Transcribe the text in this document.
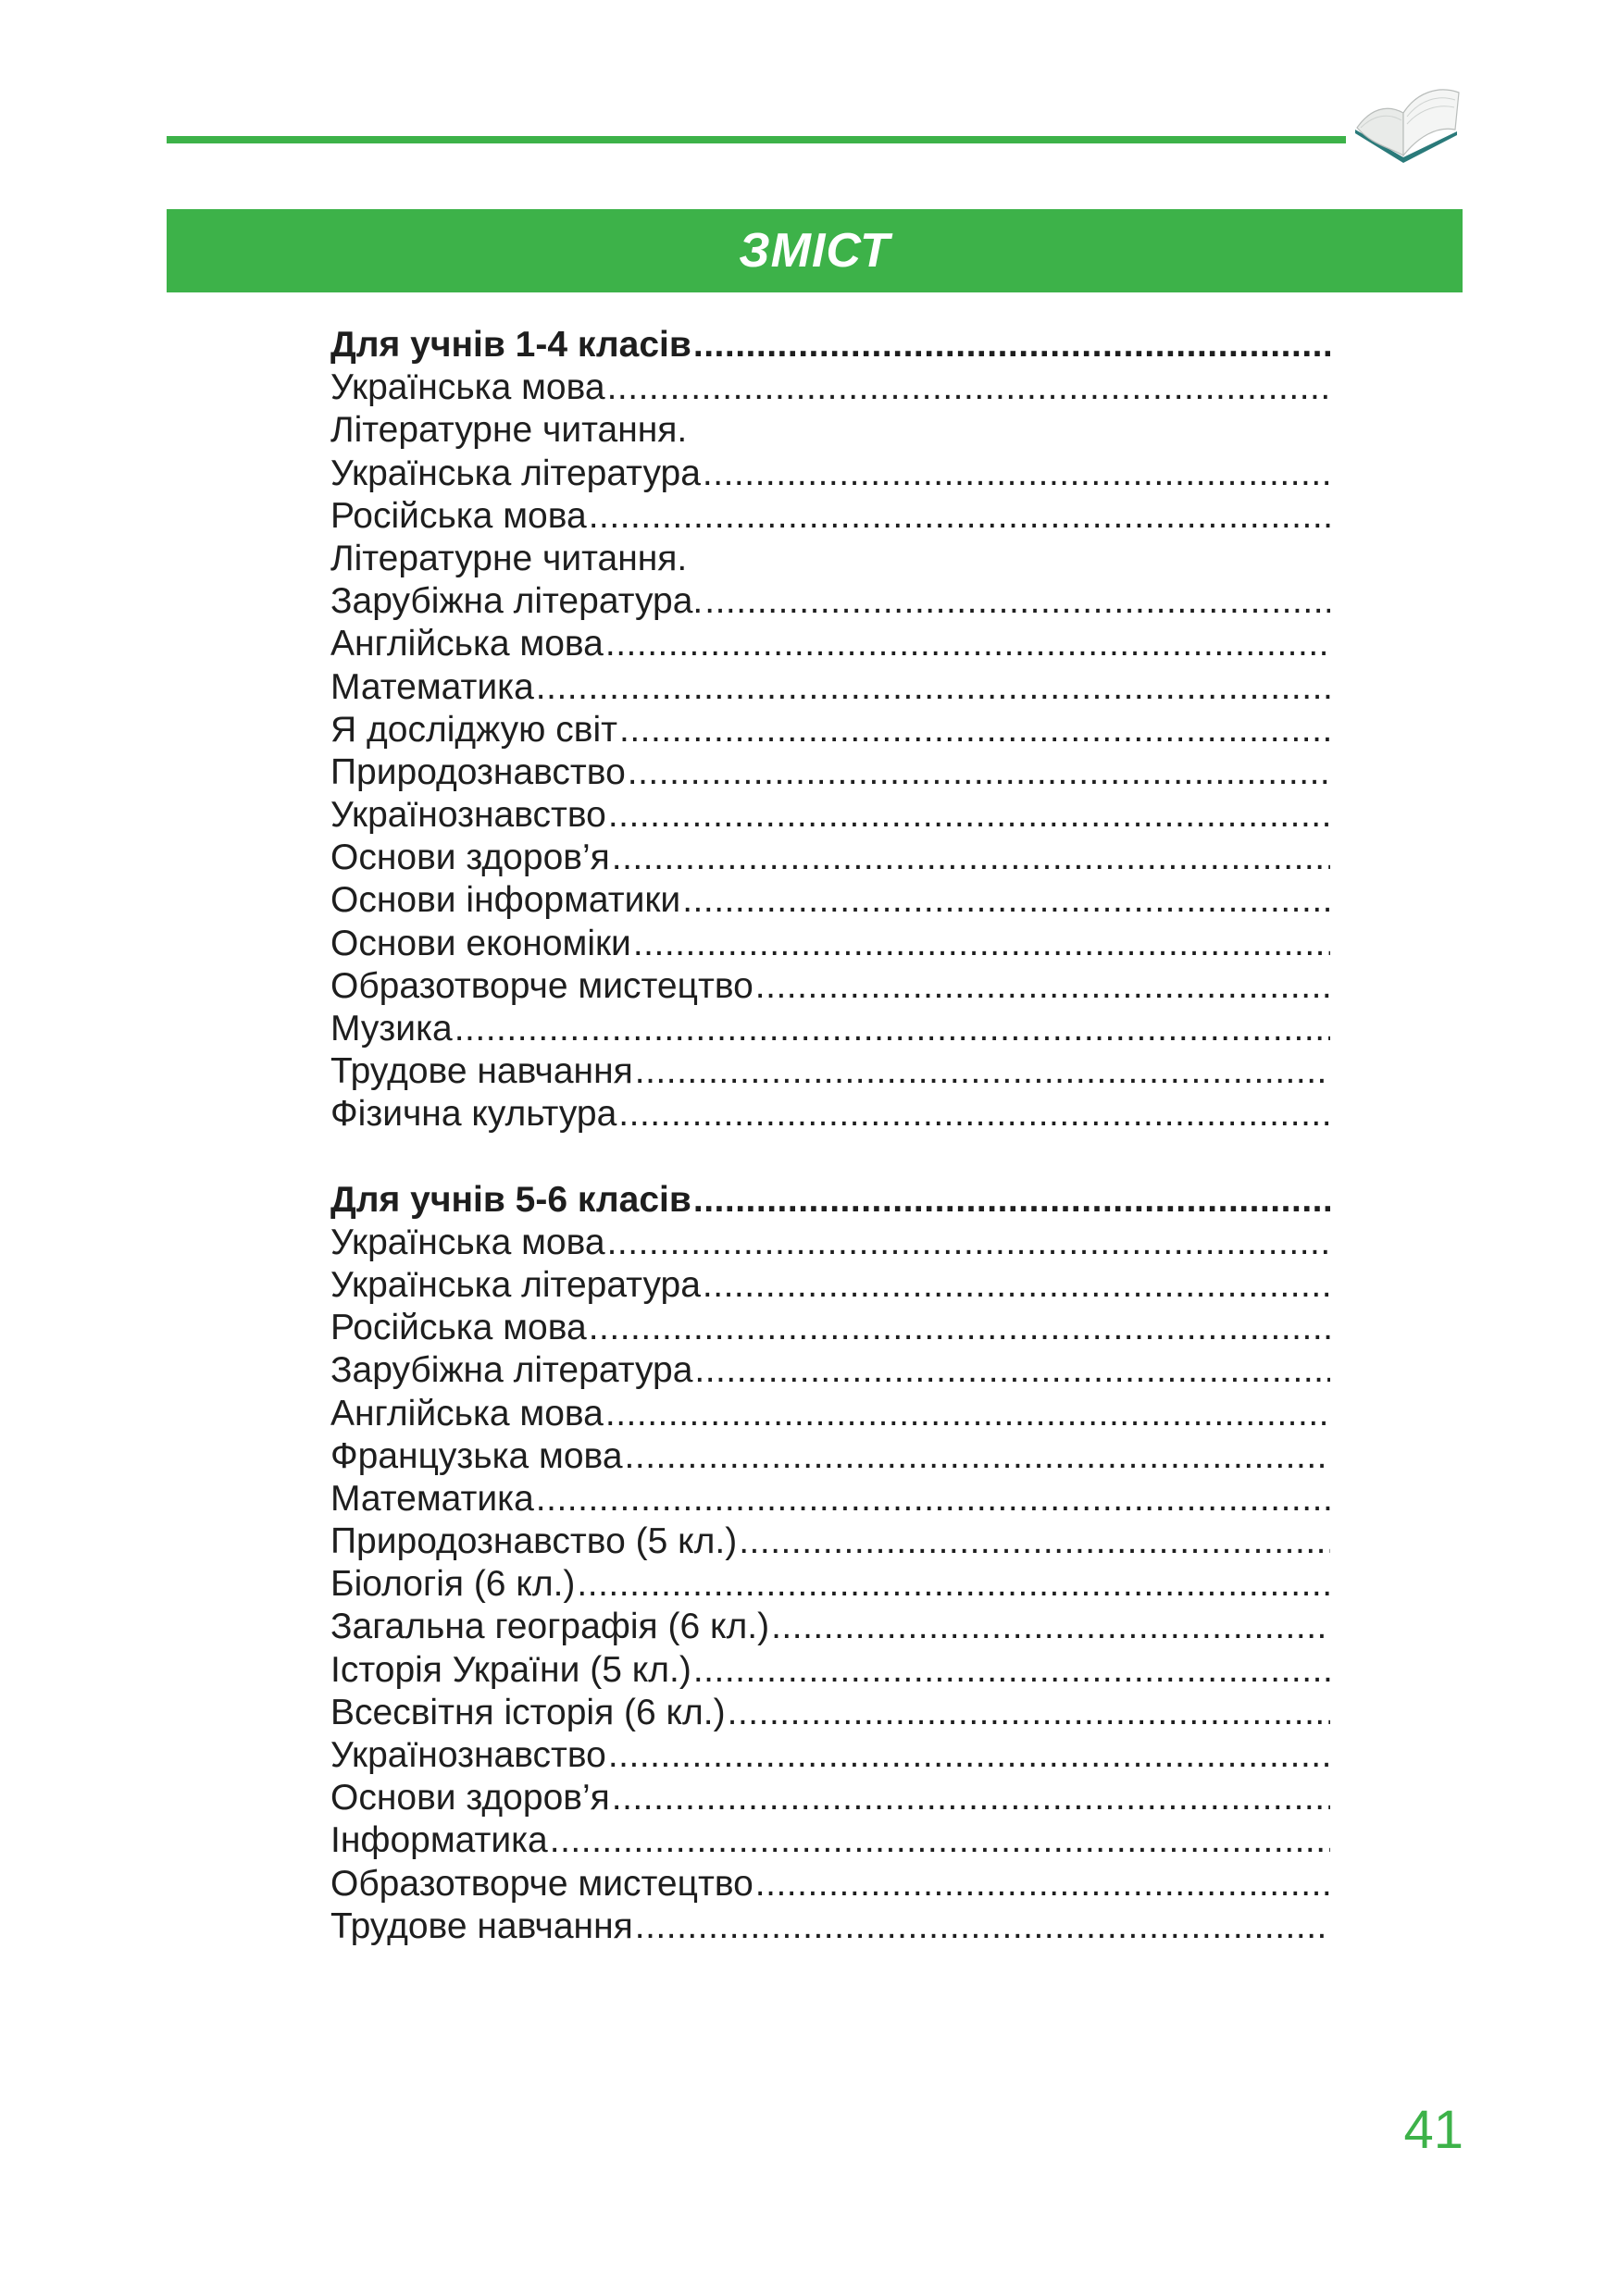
ЗМІСТ
Для учнів 1-4 класів
.....
Українська мова
.....
Літературне читання.
Українська література
.....
Російська мова
.....
Літературне читання.
Зарубіжна література.
.....
Англійська мова
.....
Математика
.....
Я досліджую світ
.....
Природознавство
.....
Українознавство
.....
Основи здоров’я
.....
Основи інформатики
.....
Основи економіки
.....
Образотворче мистецтво
.....
Музика
.....
Трудове навчання
.....
Фізична культура
.....
Для учнів 5-6 класів
.....
Українська мова
.....
Українська література
.....
Російська мова
.....
Зарубіжна література
.....
Англійська мова
.....
Французька мова
.....
Математика
.....
Природознавство (5 кл.)
.....
Біологія (6 кл.)
.....
Загальна географія (6 кл.)
.....
Історія України (5 кл.)
.....
Всесвітня історія (6 кл.)
.....
Українознавство
.....
Основи здоров’я
.....
Інформатика
.....
Образотворче мистецтво
.....
Трудове навчання
.....
41
